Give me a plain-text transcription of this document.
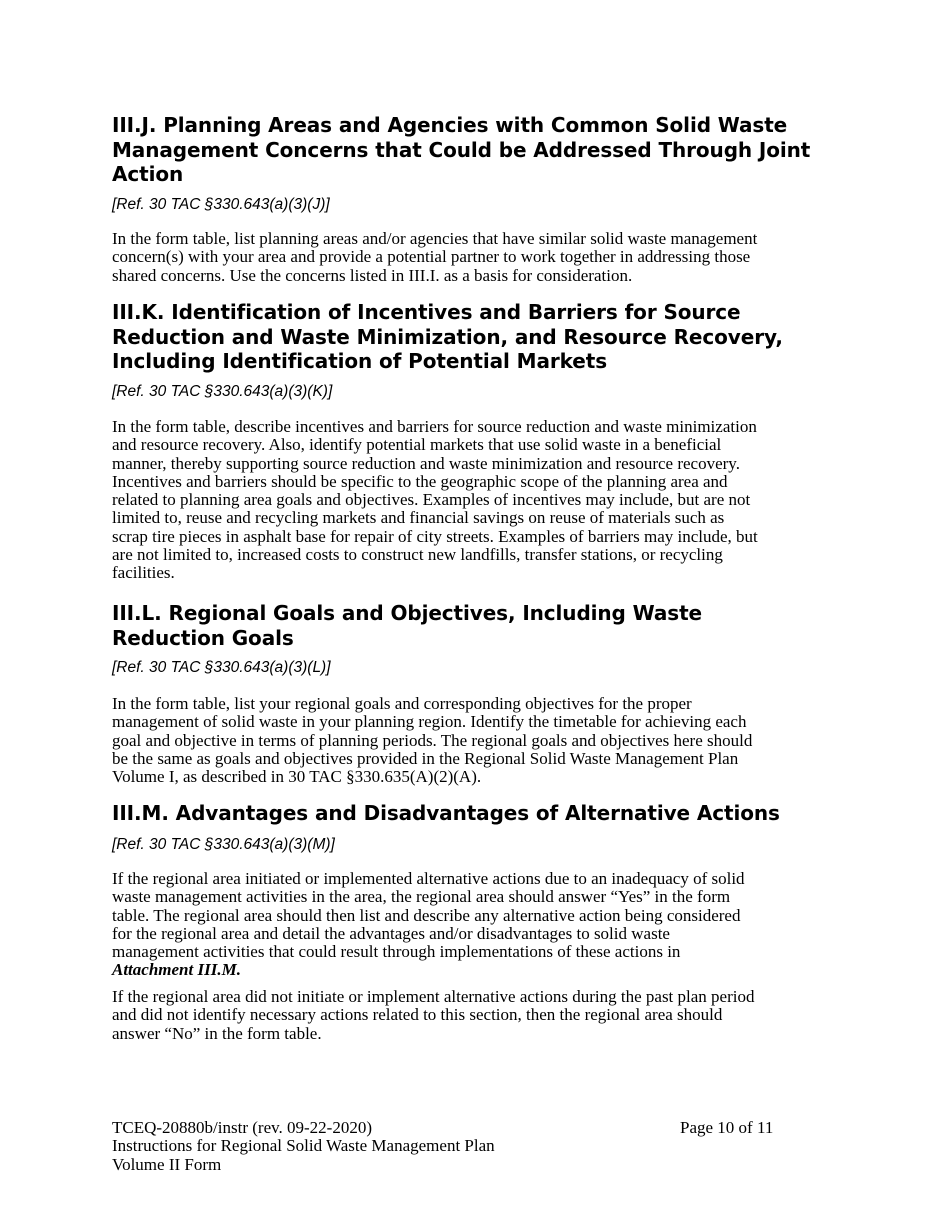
III.J. Planning Areas and Agencies with Common Solid Waste
Management Concerns that Could be Addressed Through Joint
Action
[Ref. 30 TAC §330.643(a)(3)(J)]
In the form table, list planning areas and/or agencies that have similar solid waste management
concern(s) with your area and provide a potential partner to work together in addressing those
shared concerns. Use the concerns listed in III.I. as a basis for consideration.
III.K. Identification of Incentives and Barriers for Source
Reduction and Waste Minimization, and Resource Recovery,
Including Identification of Potential Markets
[Ref. 30 TAC §330.643(a)(3)(K)]
In the form table, describe incentives and barriers for source reduction and waste minimization
and resource recovery. Also, identify potential markets that use solid waste in a beneficial
manner, thereby supporting source reduction and waste minimization and resource recovery.
Incentives and barriers should be specific to the geographic scope of the planning area and
related to planning area goals and objectives. Examples of incentives may include, but are not
limited to, reuse and recycling markets and financial savings on reuse of materials such as
scrap tire pieces in asphalt base for repair of city streets. Examples of barriers may include, but
are not limited to, increased costs to construct new landfills, transfer stations, or recycling
facilities.
III.L. Regional Goals and Objectives, Including Waste
Reduction Goals
[Ref. 30 TAC §330.643(a)(3)(L)]
In the form table, list your regional goals and corresponding objectives for the proper
management of solid waste in your planning region. Identify the timetable for achieving each
goal and objective in terms of planning periods. The regional goals and objectives here should
be the same as goals and objectives provided in the Regional Solid Waste Management Plan
Volume I, as described in 30 TAC §330.635(A)(2)(A).
III.M. Advantages and Disadvantages of Alternative Actions
[Ref. 30 TAC §330.643(a)(3)(M)]
If the regional area initiated or implemented alternative actions due to an inadequacy of solid
waste management activities in the area, the regional area should answer “Yes” in the form
table. The regional area should then list and describe any alternative action being considered
for the regional area and detail the advantages and/or disadvantages to solid waste
management activities that could result through implementations of these actions in
Attachment III.M.
If the regional area did not initiate or implement alternative actions during the past plan period
and did not identify necessary actions related to this section, then the regional area should
answer “No” in the form table.
TCEQ-20880b/instr (rev. 09-22-2020)
Instructions for Regional Solid Waste Management Plan
Volume II Form
Page 10 of 11
